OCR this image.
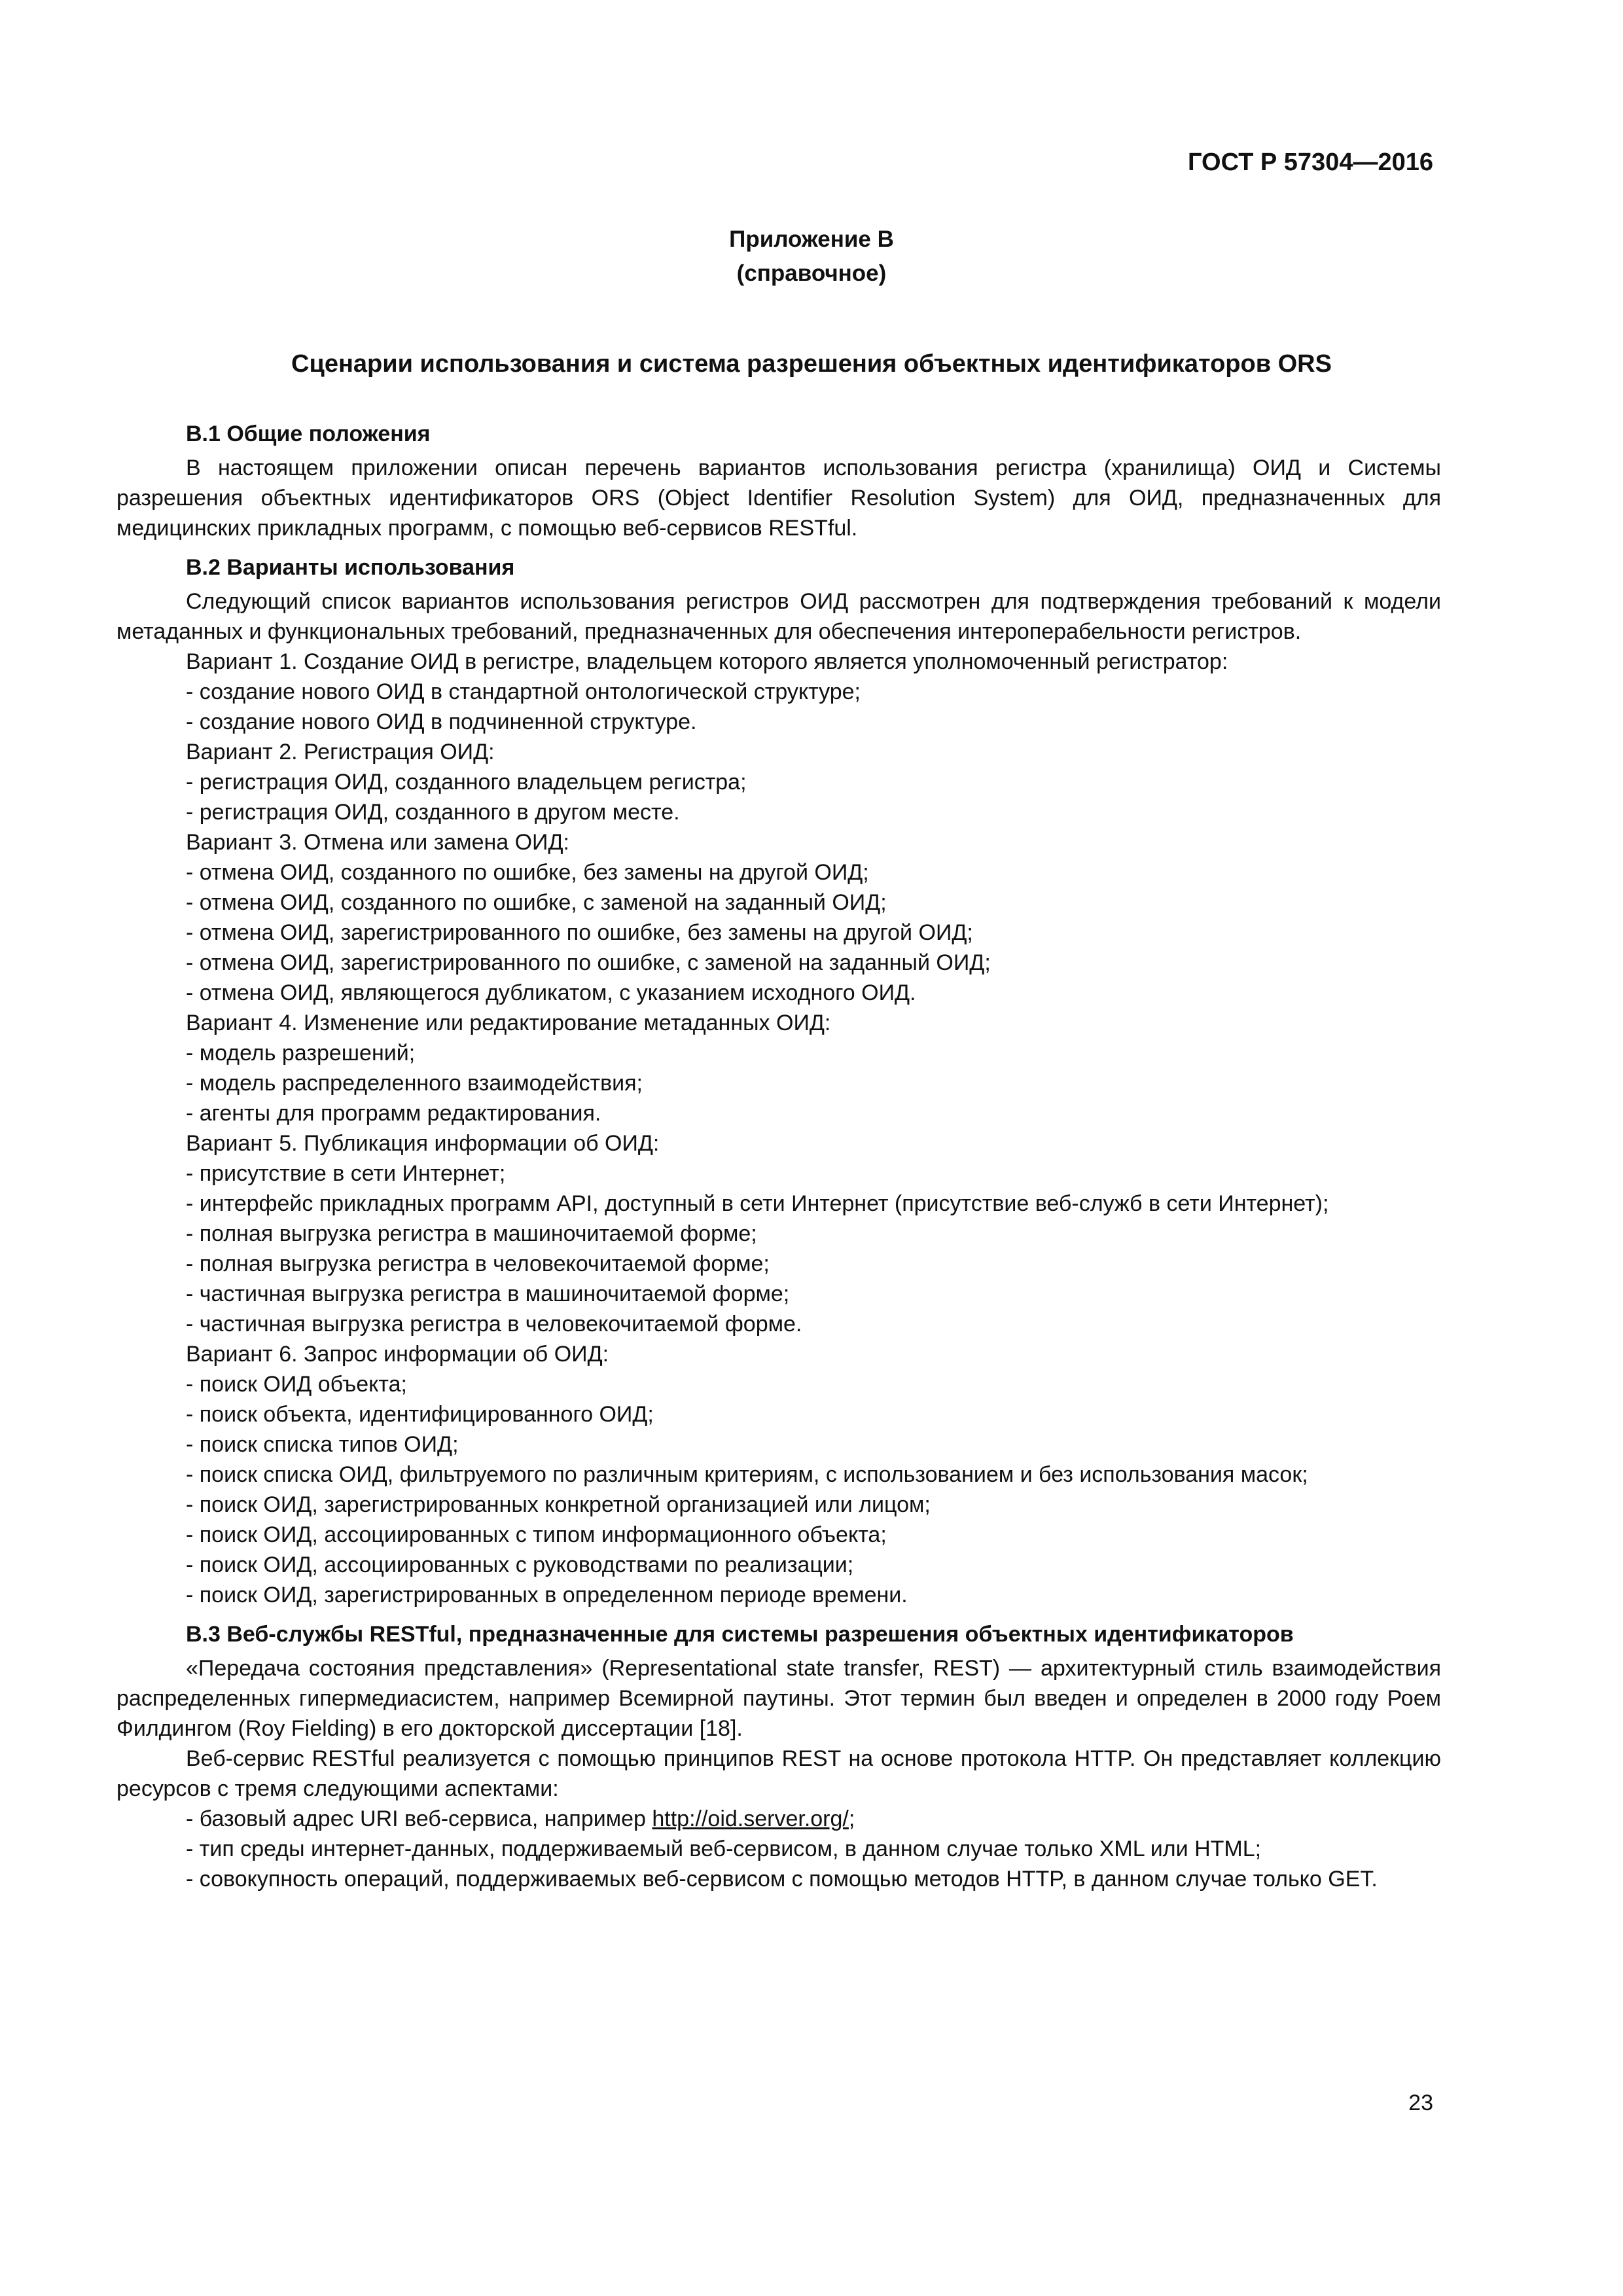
ГОСТ Р 57304—2016
Приложение В
(справочное)
Сценарии использования и система разрешения объектных идентификаторов ORS

В.1 Общие положения

В настоящем приложении описан перечень вариантов использования регистра (хранилища) ОИД и Системы разрешения объектных идентификаторов ORS (Object Identifier Resolution System) для ОИД, предназначенных для медицинских прикладных программ, с помощью веб-сервисов RESTful.

В.2 Варианты использования

Следующий список вариантов использования регистров ОИД рассмотрен для подтверждения требований к модели метаданных и функциональных требований, предназначенных для обеспечения интероперабельности регистров.

Вариант 1. Создание ОИД в регистре, владельцем которого является уполномоченный регистратор:

- создание нового ОИД в стандартной онтологической структуре;

- создание нового ОИД в подчиненной структуре.

Вариант 2. Регистрация ОИД:

- регистрация ОИД, созданного владельцем регистра;

- регистрация ОИД, созданного в другом месте.

Вариант 3. Отмена или замена ОИД:

- отмена ОИД, созданного по ошибке, без замены на другой ОИД;

- отмена ОИД, созданного по ошибке, с заменой на заданный ОИД;

- отмена ОИД, зарегистрированного по ошибке, без замены на другой ОИД;

- отмена ОИД, зарегистрированного по ошибке, с заменой на заданный ОИД;

- отмена ОИД, являющегося дубликатом, с указанием исходного ОИД.

Вариант 4. Изменение или редактирование метаданных ОИД:

- модель разрешений;

- модель распределенного взаимодействия;

- агенты для программ редактирования.

Вариант 5. Публикация информации об ОИД:

- присутствие в сети Интернет;

- интерфейс прикладных программ API, доступный в сети Интернет (присутствие веб-служб в сети Интернет);

- полная выгрузка регистра в машиночитаемой форме;

- полная выгрузка регистра в человекочитаемой форме;

- частичная выгрузка регистра в машиночитаемой форме;

- частичная выгрузка регистра в человекочитаемой форме.

Вариант 6. Запрос информации об ОИД:

- поиск ОИД объекта;

- поиск объекта, идентифицированного ОИД;

- поиск списка типов ОИД;

- поиск списка ОИД, фильтруемого по различным критериям, с использованием и без использования масок;

- поиск ОИД, зарегистрированных конкретной организацией или лицом;

- поиск ОИД, ассоциированных с типом информационного объекта;

- поиск ОИД, ассоциированных с руководствами по реализации;

- поиск ОИД, зарегистрированных в определенном периоде времени.

В.3 Веб-службы RESTful, предназначенные для системы разрешения объектных идентификаторов

«Передача состояния представления» (Representational state transfer, REST) — архитектурный стиль взаимодействия распределенных гипермедиасистем, например Всемирной паутины. Этот термин был введен и определен в 2000 году Роем Филдингом (Roy Fielding) в его докторской диссертации [18].

Веб-сервис RESTful реализуется с помощью принципов REST на основе протокола HTTP. Он представляет коллекцию ресурсов с тремя следующими аспектами:

- базовый адрес URI веб-сервиса, например http://oid.server.org/;

- тип среды интернет-данных, поддерживаемый веб-сервисом, в данном случае только XML или HTML;

- совокупность операций, поддерживаемых веб-сервисом с помощью методов HTTP, в данном случае только GET.

23
